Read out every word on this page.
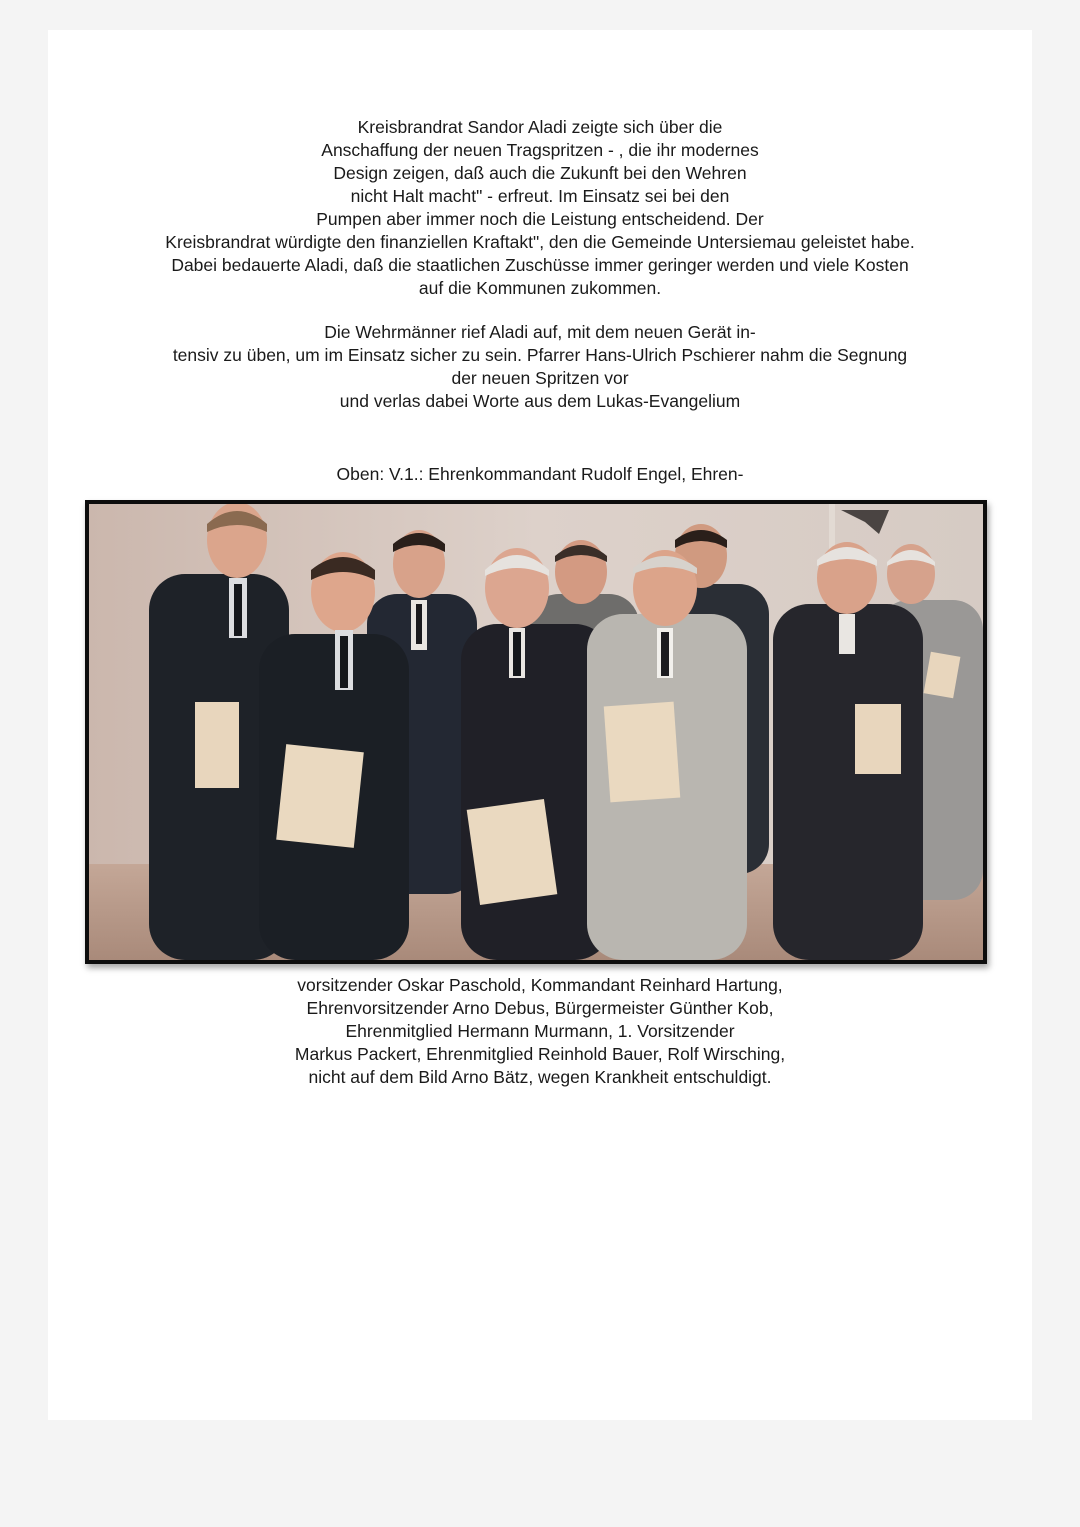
Kreisbrandrat Sandor Aladi zeigte sich über die
Anschaffung der neuen Tragspritzen - , die ihr modernes
Design zeigen, daß auch die Zukunft bei den Wehren
nicht Halt macht" - erfreut. Im Einsatz sei bei den
Pumpen aber immer noch die Leistung entscheidend. Der
Kreisbrandrat würdigte den finanziellen Kraftakt", den die Gemeinde Untersiemau geleistet habe.
Dabei bedauerte Aladi, daß die staatlichen Zuschüsse immer geringer werden und viele Kosten
auf die Kommunen zukommen.
Die Wehrmänner rief Aladi auf, mit dem neuen Gerät in-
tensiv zu üben, um im Einsatz sicher zu sein. Pfarrer Hans-Ulrich Pschierer nahm die Segnung
der neuen Spritzen vor
und verlas dabei Worte aus dem Lukas-Evangelium
Oben: V.1.: Ehrenkommandant Rudolf Engel, Ehren-
vorsitzender Oskar Paschold, Kommandant Reinhard Hartung,
Ehrenvorsitzender Arno Debus, Bürgermeister Günther Kob,
Ehrenmitglied Hermann Murmann, 1. Vorsitzender
Markus Packert, Ehrenmitglied Reinhold Bauer, Rolf Wirsching,
nicht auf dem Bild Arno Bätz, wegen Krankheit entschuldigt.
